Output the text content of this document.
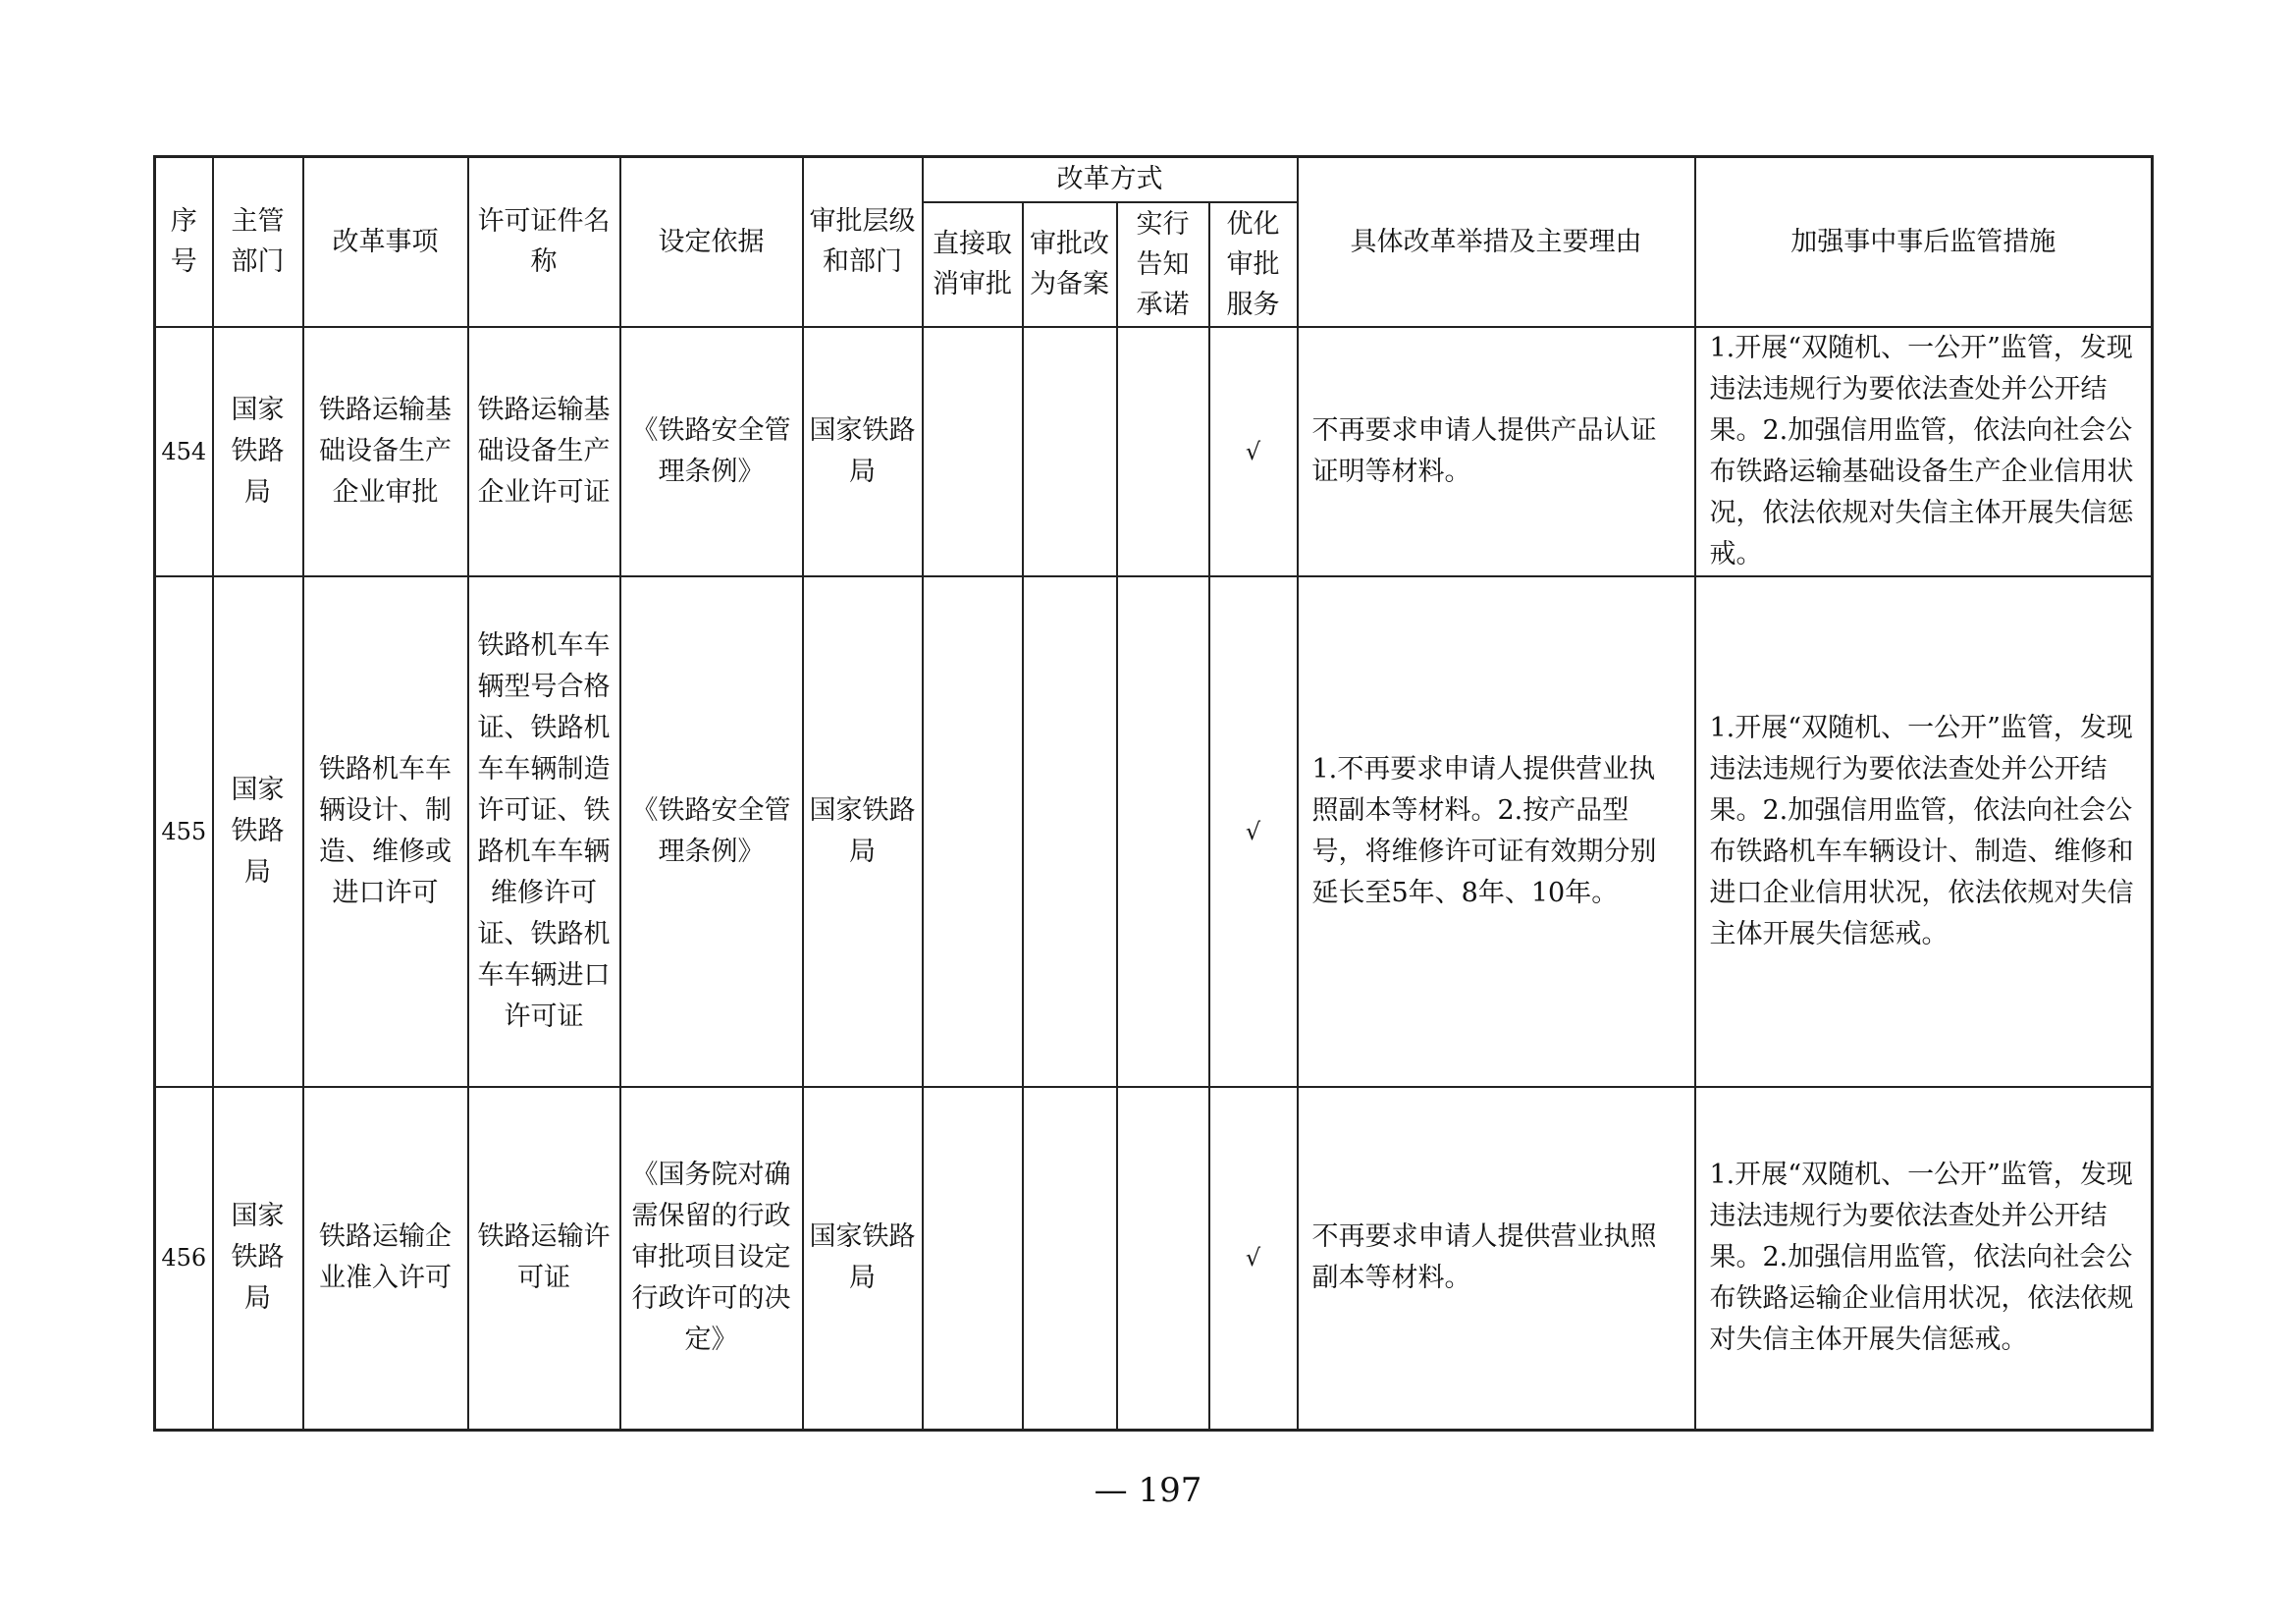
序号	主管部门	改革事项	许可证件名称	设定依据	审批层级和部门	改革方式				具体改革举措及主要理由	加强事中事后监管措施
						直接取消审批	审批改为备案	实行告知承诺	优化审批服务		
454	国家铁路局	铁路运输基础设备生产企业审批	铁路运输基础设备生产企业许可证	《铁路安全管理条例》	国家铁路局				√	不再要求申请人提供产品认证证明等材料。	1.开展“双随机、一公开”监管，发现违法违规行为要依法查处并公开结果。2.加强信用监管，依法向社会公布铁路运输基础设备生产企业信用状况，依法依规对失信主体开展失信惩戒。
455	国家铁路局	铁路机车车辆设计、制造、维修或进口许可	铁路机车车辆型号合格证、铁路机车车辆制造许可证、铁路机车车辆维修许可证、铁路机车车辆进口许可证	《铁路安全管理条例》	国家铁路局				√	1.不再要求申请人提供营业执照副本等材料。2.按产品型号，将维修许可证有效期分别延长至5年、8年、10年。	1.开展“双随机、一公开”监管，发现违法违规行为要依法查处并公开结果。2.加强信用监管，依法向社会公布铁路机车车辆设计、制造、维修和进口企业信用状况，依法依规对失信主体开展失信惩戒。
456	国家铁路局	铁路运输企业准入许可	铁路运输许可证	《国务院对确需保留的行政审批项目设定行政许可的决定》	国家铁路局				√	不再要求申请人提供营业执照副本等材料。	1.开展“双随机、一公开”监管，发现违法违规行为要依法查处并公开结果。2.加强信用监管，依法向社会公布铁路运输企业信用状况，依法依规对失信主体开展失信惩戒。
— 197
